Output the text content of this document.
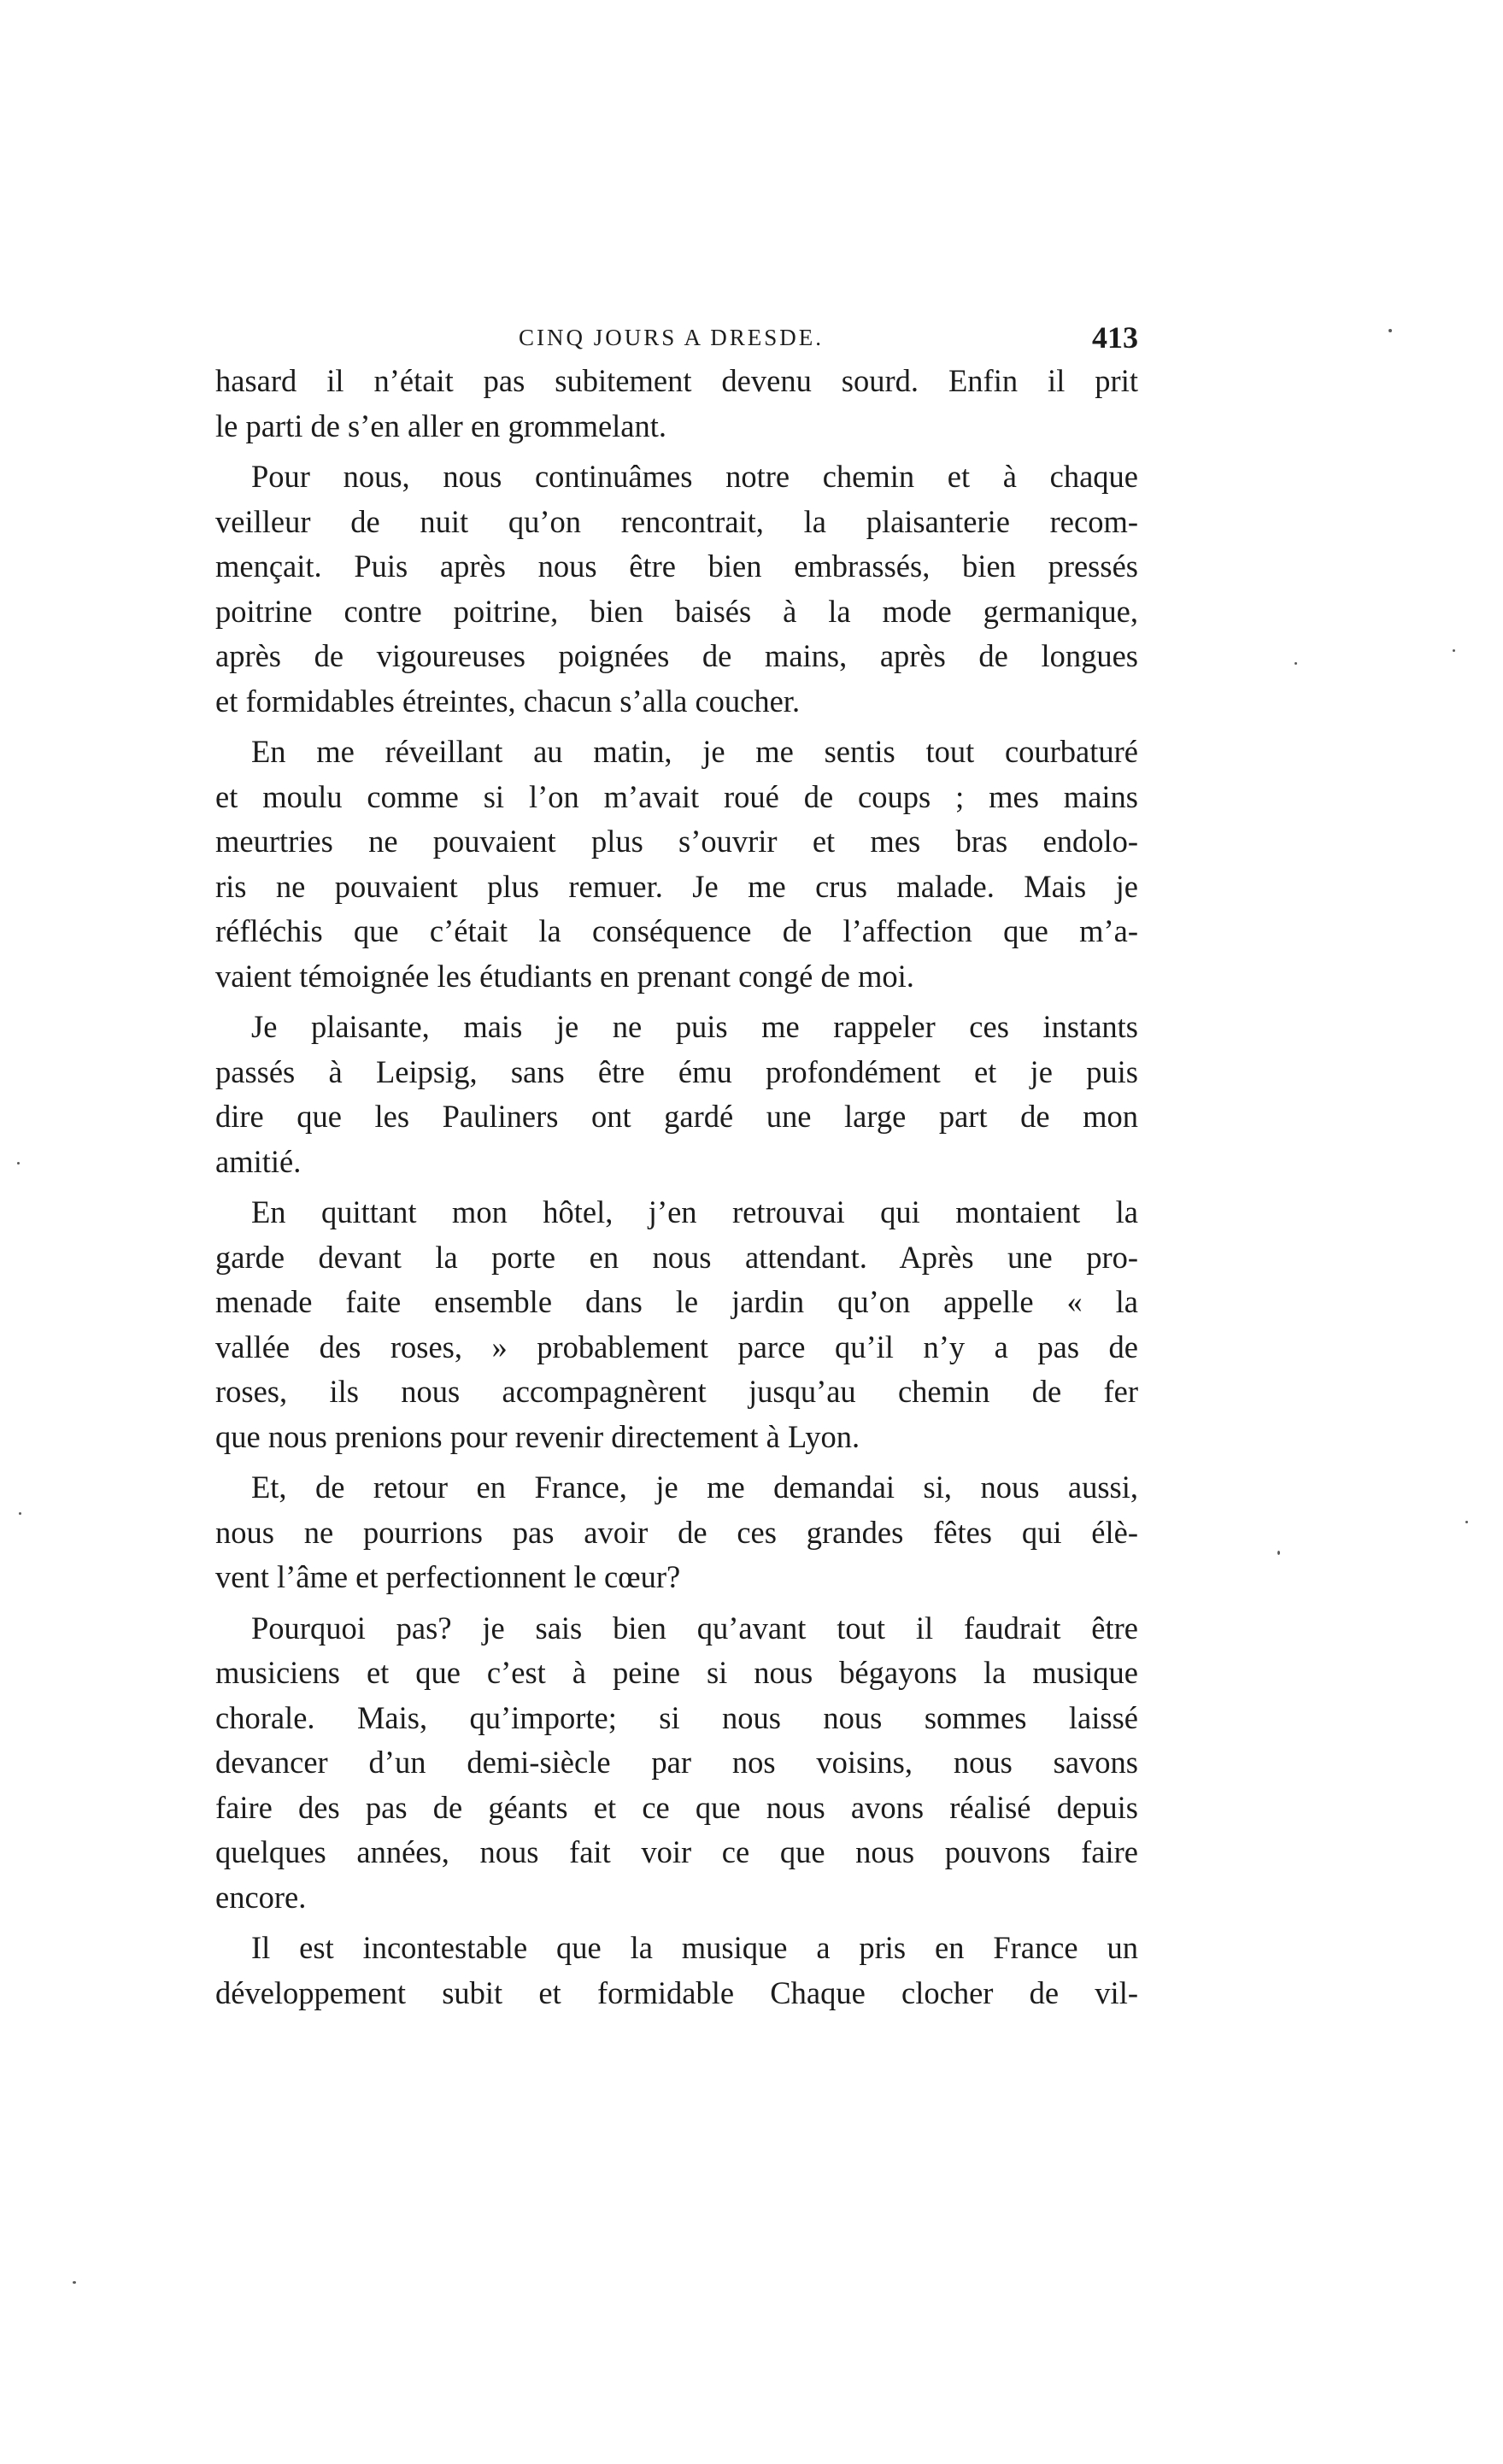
CINQ JOURS A DRESDE.	413
hasard il n’était pas subitement devenu sourd. Enfin il prit
le parti de s’en aller en grommelant.
Pour nous, nous continuâmes notre chemin et à chaque
veilleur de nuit qu’on rencontrait, la plaisanterie recom-
mençait. Puis après nous être bien embrassés, bien pressés
poitrine contre poitrine, bien baisés à la mode germanique,
après de vigoureuses poignées de mains, après de longues
et formidables étreintes, chacun s’alla coucher.
En me réveillant au matin, je me sentis tout courbaturé
et moulu comme si l’on m’avait roué de coups ; mes mains
meurtries ne pouvaient plus s’ouvrir et mes bras endolo-
ris ne pouvaient plus remuer. Je me crus malade. Mais je
réfléchis que c’était la conséquence de l’affection que m’a-
vaient témoignée les étudiants en prenant congé de moi.
Je plaisante, mais je ne puis me rappeler ces instants
passés à Leipsig, sans être ému profondément et je puis
dire que les Pauliners ont gardé une large part de mon
amitié.
En quittant mon hôtel, j’en retrouvai qui montaient la
garde devant la porte en nous attendant. Après une pro-
menade faite ensemble dans le jardin qu’on appelle « la
vallée des roses, » probablement parce qu’il n’y a pas de
roses, ils nous accompagnèrent jusqu’au chemin de fer
que nous prenions pour revenir directement à Lyon.
Et, de retour en France, je me demandai si, nous aussi,
nous ne pourrions pas avoir de ces grandes fêtes qui élè-
vent l’âme et perfectionnent le cœur?
Pourquoi pas? je sais bien qu’avant tout il faudrait être
musiciens et que c’est à peine si nous bégayons la musique
chorale. Mais, qu’importe; si nous nous sommes laissé
devancer d’un demi-siècle par nos voisins, nous savons
faire des pas de géants et ce que nous avons réalisé depuis
quelques années, nous fait voir ce que nous pouvons faire
encore.
Il est incontestable que la musique a pris en France un
développement subit et formidable Chaque clocher de vil-
